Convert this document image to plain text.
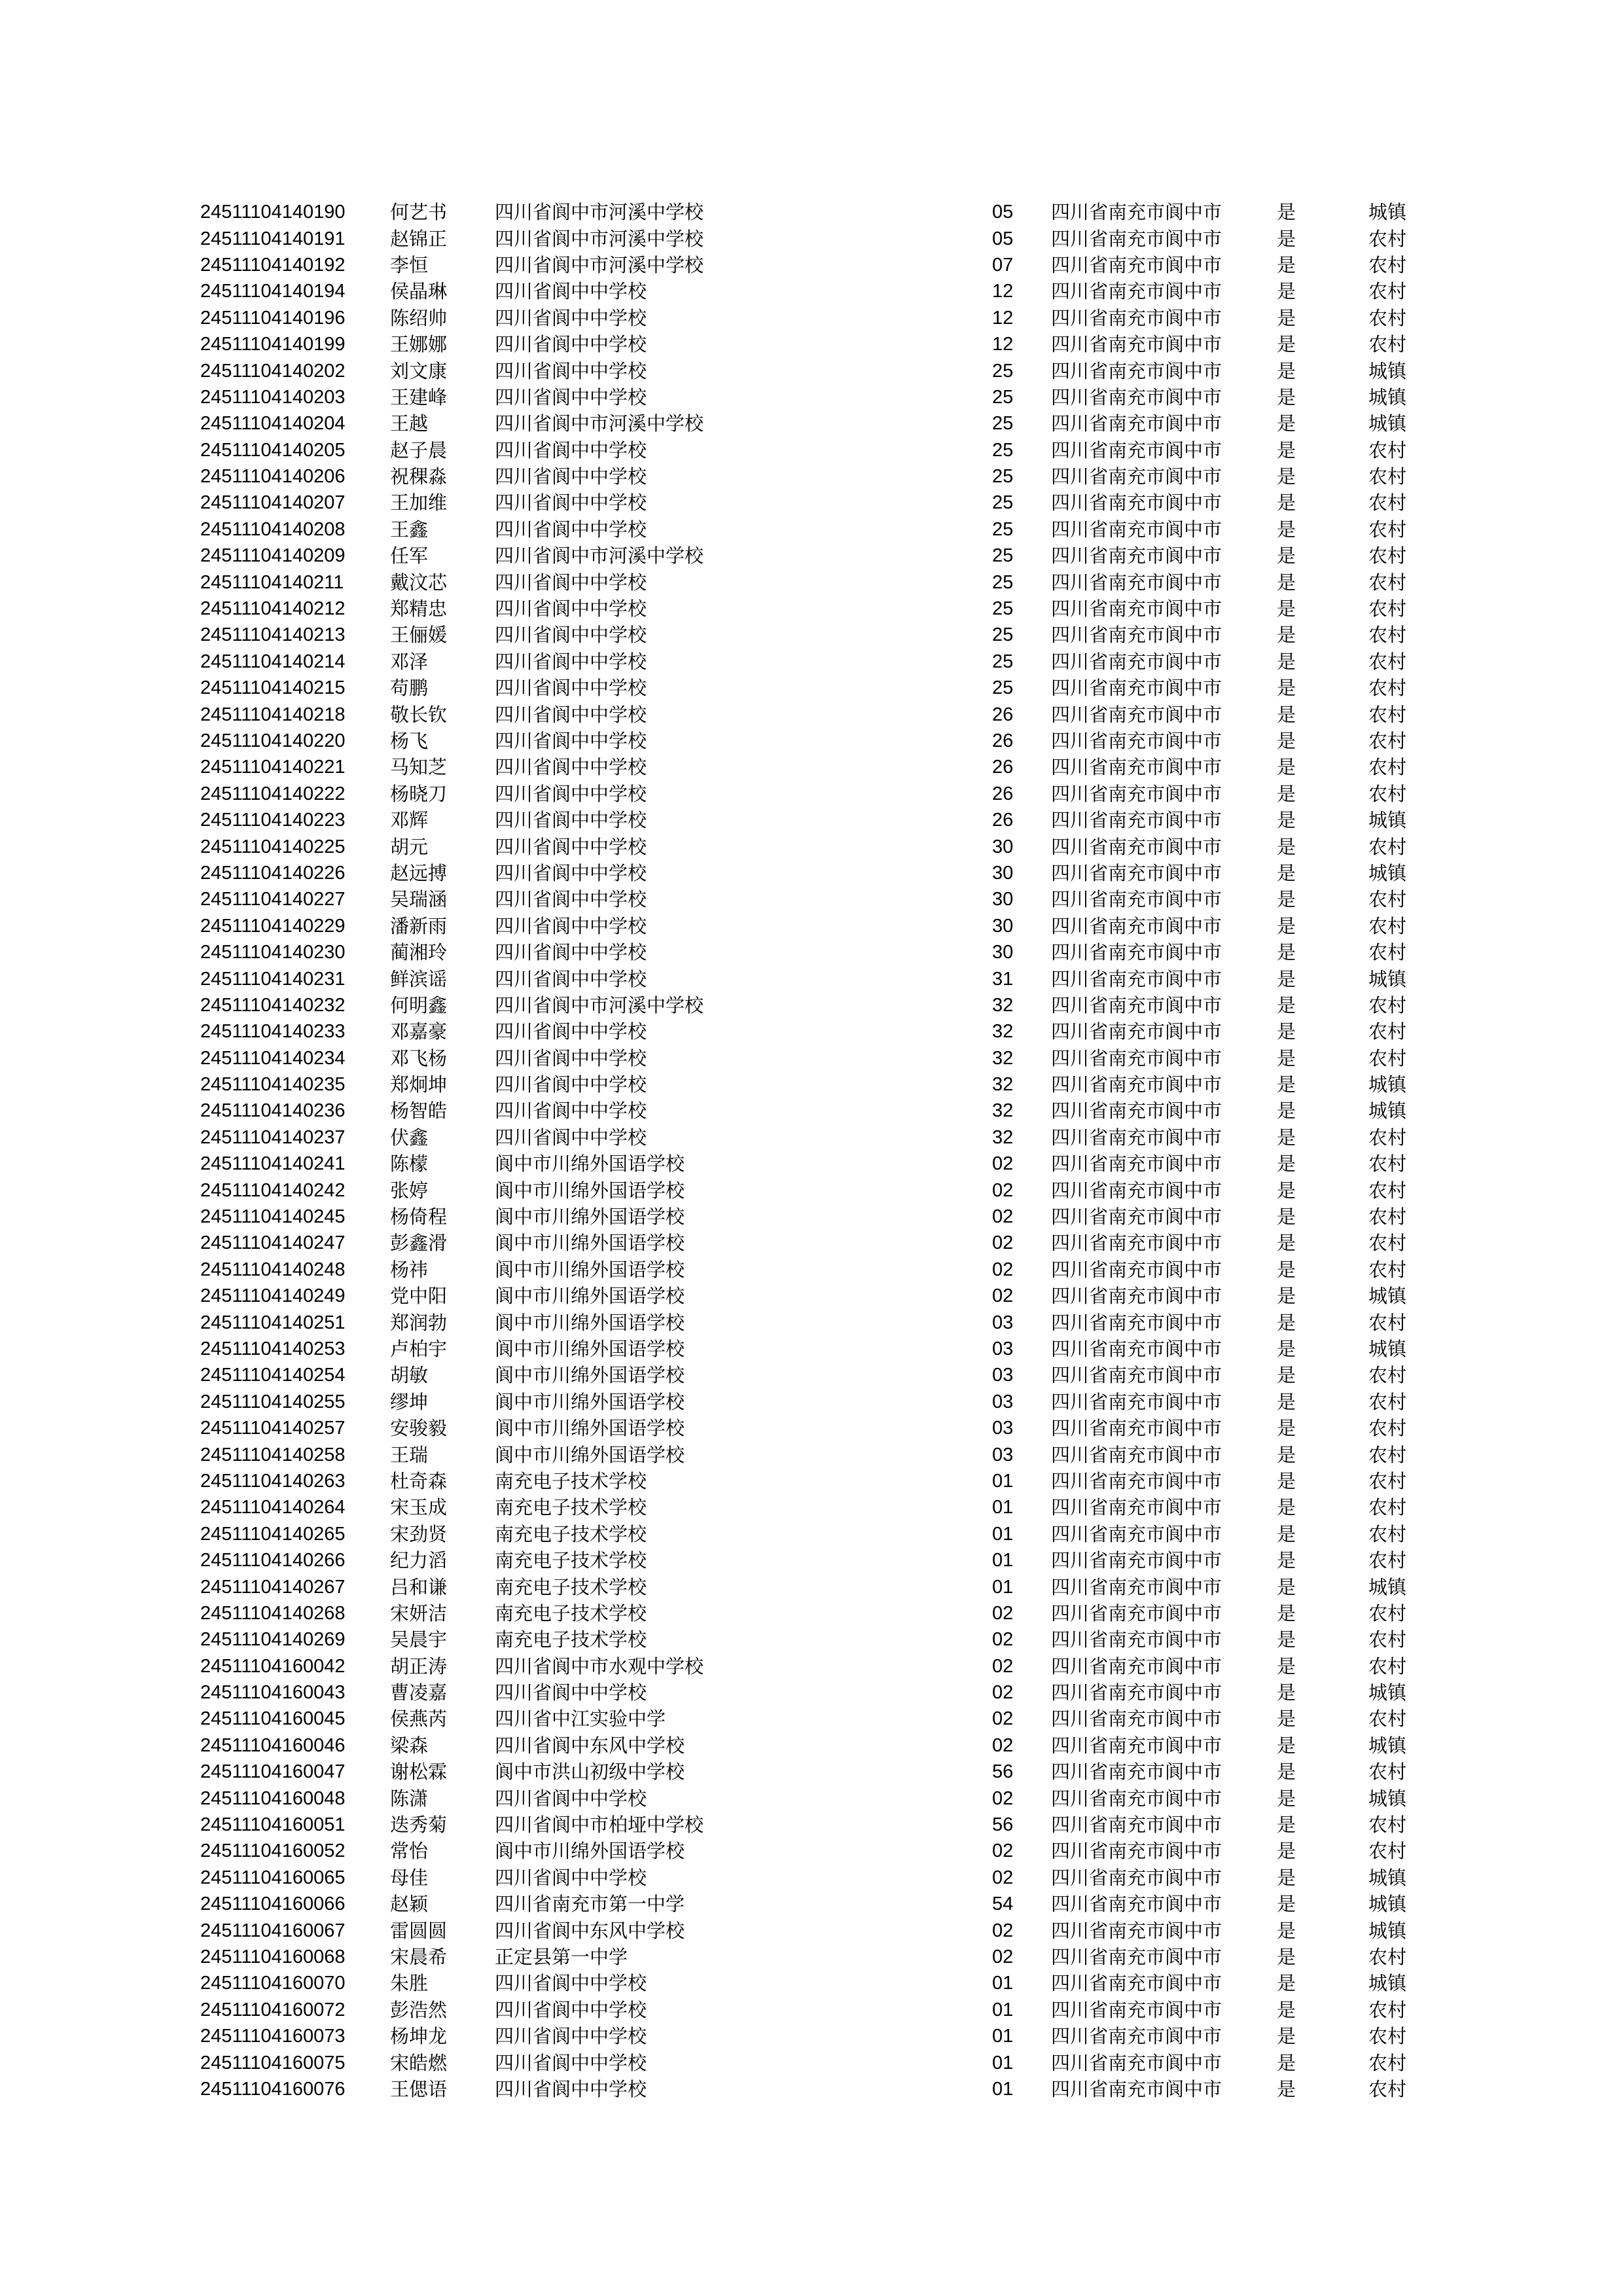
	24511104140190	何艺书	四川省阆中市河溪中学校	05	四川省南充市阆中市	是	城镇
	24511104140191	赵锦正	四川省阆中市河溪中学校	05	四川省南充市阆中市	是	农村
	24511104140192	李恒	四川省阆中市河溪中学校	07	四川省南充市阆中市	是	农村
	24511104140194	侯晶琳	四川省阆中中学校	12	四川省南充市阆中市	是	农村
	24511104140196	陈绍帅	四川省阆中中学校	12	四川省南充市阆中市	是	农村
	24511104140199	王娜娜	四川省阆中中学校	12	四川省南充市阆中市	是	农村
	24511104140202	刘文康	四川省阆中中学校	25	四川省南充市阆中市	是	城镇
	24511104140203	王建峰	四川省阆中中学校	25	四川省南充市阆中市	是	城镇
	24511104140204	王越	四川省阆中市河溪中学校	25	四川省南充市阆中市	是	城镇
	24511104140205	赵子晨	四川省阆中中学校	25	四川省南充市阆中市	是	农村
	24511104140206	祝稞淼	四川省阆中中学校	25	四川省南充市阆中市	是	农村
	24511104140207	王加维	四川省阆中中学校	25	四川省南充市阆中市	是	农村
	24511104140208	王鑫	四川省阆中中学校	25	四川省南充市阆中市	是	农村
	24511104140209	任军	四川省阆中市河溪中学校	25	四川省南充市阆中市	是	农村
	24511104140211	戴汶芯	四川省阆中中学校	25	四川省南充市阆中市	是	农村
	24511104140212	郑精忠	四川省阆中中学校	25	四川省南充市阆中市	是	农村
	24511104140213	王俪媛	四川省阆中中学校	25	四川省南充市阆中市	是	农村
	24511104140214	邓泽	四川省阆中中学校	25	四川省南充市阆中市	是	农村
	24511104140215	苟鹏	四川省阆中中学校	25	四川省南充市阆中市	是	农村
	24511104140218	敬长钦	四川省阆中中学校	26	四川省南充市阆中市	是	农村
	24511104140220	杨飞	四川省阆中中学校	26	四川省南充市阆中市	是	农村
	24511104140221	马知芝	四川省阆中中学校	26	四川省南充市阆中市	是	农村
	24511104140222	杨晓刀	四川省阆中中学校	26	四川省南充市阆中市	是	农村
	24511104140223	邓辉	四川省阆中中学校	26	四川省南充市阆中市	是	城镇
	24511104140225	胡元	四川省阆中中学校	30	四川省南充市阆中市	是	农村
	24511104140226	赵远搏	四川省阆中中学校	30	四川省南充市阆中市	是	城镇
	24511104140227	吴瑞涵	四川省阆中中学校	30	四川省南充市阆中市	是	农村
	24511104140229	潘新雨	四川省阆中中学校	30	四川省南充市阆中市	是	农村
	24511104140230	蔺湘玲	四川省阆中中学校	30	四川省南充市阆中市	是	农村
	24511104140231	鲜滨谣	四川省阆中中学校	31	四川省南充市阆中市	是	城镇
	24511104140232	何明鑫	四川省阆中市河溪中学校	32	四川省南充市阆中市	是	农村
	24511104140233	邓嘉豪	四川省阆中中学校	32	四川省南充市阆中市	是	农村
	24511104140234	邓飞杨	四川省阆中中学校	32	四川省南充市阆中市	是	农村
	24511104140235	郑炯坤	四川省阆中中学校	32	四川省南充市阆中市	是	城镇
	24511104140236	杨智皓	四川省阆中中学校	32	四川省南充市阆中市	是	城镇
	24511104140237	伏鑫	四川省阆中中学校	32	四川省南充市阆中市	是	农村
	24511104140241	陈檬	阆中市川绵外国语学校	02	四川省南充市阆中市	是	农村
	24511104140242	张婷	阆中市川绵外国语学校	02	四川省南充市阆中市	是	农村
	24511104140245	杨倚程	阆中市川绵外国语学校	02	四川省南充市阆中市	是	农村
	24511104140247	彭鑫滑	阆中市川绵外国语学校	02	四川省南充市阆中市	是	农村
	24511104140248	杨祎	阆中市川绵外国语学校	02	四川省南充市阆中市	是	农村
	24511104140249	党中阳	阆中市川绵外国语学校	02	四川省南充市阆中市	是	城镇
	24511104140251	郑润勃	阆中市川绵外国语学校	03	四川省南充市阆中市	是	农村
	24511104140253	卢柏宇	阆中市川绵外国语学校	03	四川省南充市阆中市	是	城镇
	24511104140254	胡敏	阆中市川绵外国语学校	03	四川省南充市阆中市	是	农村
	24511104140255	缪坤	阆中市川绵外国语学校	03	四川省南充市阆中市	是	农村
	24511104140257	安骏毅	阆中市川绵外国语学校	03	四川省南充市阆中市	是	农村
	24511104140258	王瑞	阆中市川绵外国语学校	03	四川省南充市阆中市	是	农村
	24511104140263	杜奇森	南充电子技术学校	01	四川省南充市阆中市	是	农村
	24511104140264	宋玉成	南充电子技术学校	01	四川省南充市阆中市	是	农村
	24511104140265	宋劲贤	南充电子技术学校	01	四川省南充市阆中市	是	农村
	24511104140266	纪力滔	南充电子技术学校	01	四川省南充市阆中市	是	农村
	24511104140267	吕和谦	南充电子技术学校	01	四川省南充市阆中市	是	城镇
	24511104140268	宋妍洁	南充电子技术学校	02	四川省南充市阆中市	是	农村
	24511104140269	吴晨宇	南充电子技术学校	02	四川省南充市阆中市	是	农村
	24511104160042	胡正涛	四川省阆中市水观中学校	02	四川省南充市阆中市	是	农村
	24511104160043	曹凌嘉	四川省阆中中学校	02	四川省南充市阆中市	是	城镇
	24511104160045	侯燕芮	四川省中江实验中学	02	四川省南充市阆中市	是	农村
	24511104160046	梁森	四川省阆中东风中学校	02	四川省南充市阆中市	是	城镇
	24511104160047	谢松霖	阆中市洪山初级中学校	56	四川省南充市阆中市	是	农村
	24511104160048	陈潇	四川省阆中中学校	02	四川省南充市阆中市	是	城镇
	24511104160051	迭秀菊	四川省阆中市柏垭中学校	56	四川省南充市阆中市	是	农村
	24511104160052	常怡	阆中市川绵外国语学校	02	四川省南充市阆中市	是	农村
	24511104160065	母佳	四川省阆中中学校	02	四川省南充市阆中市	是	城镇
	24511104160066	赵颖	四川省南充市第一中学	54	四川省南充市阆中市	是	城镇
	24511104160067	雷圆圆	四川省阆中东风中学校	02	四川省南充市阆中市	是	城镇
	24511104160068	宋晨希	正定县第一中学	02	四川省南充市阆中市	是	农村
	24511104160070	朱胜	四川省阆中中学校	01	四川省南充市阆中市	是	城镇
	24511104160072	彭浩然	四川省阆中中学校	01	四川省南充市阆中市	是	农村
	24511104160073	杨坤龙	四川省阆中中学校	01	四川省南充市阆中市	是	农村
	24511104160075	宋皓燃	四川省阆中中学校	01	四川省南充市阆中市	是	农村
	24511104160076	王偲语	四川省阆中中学校	01	四川省南充市阆中市	是	农村
